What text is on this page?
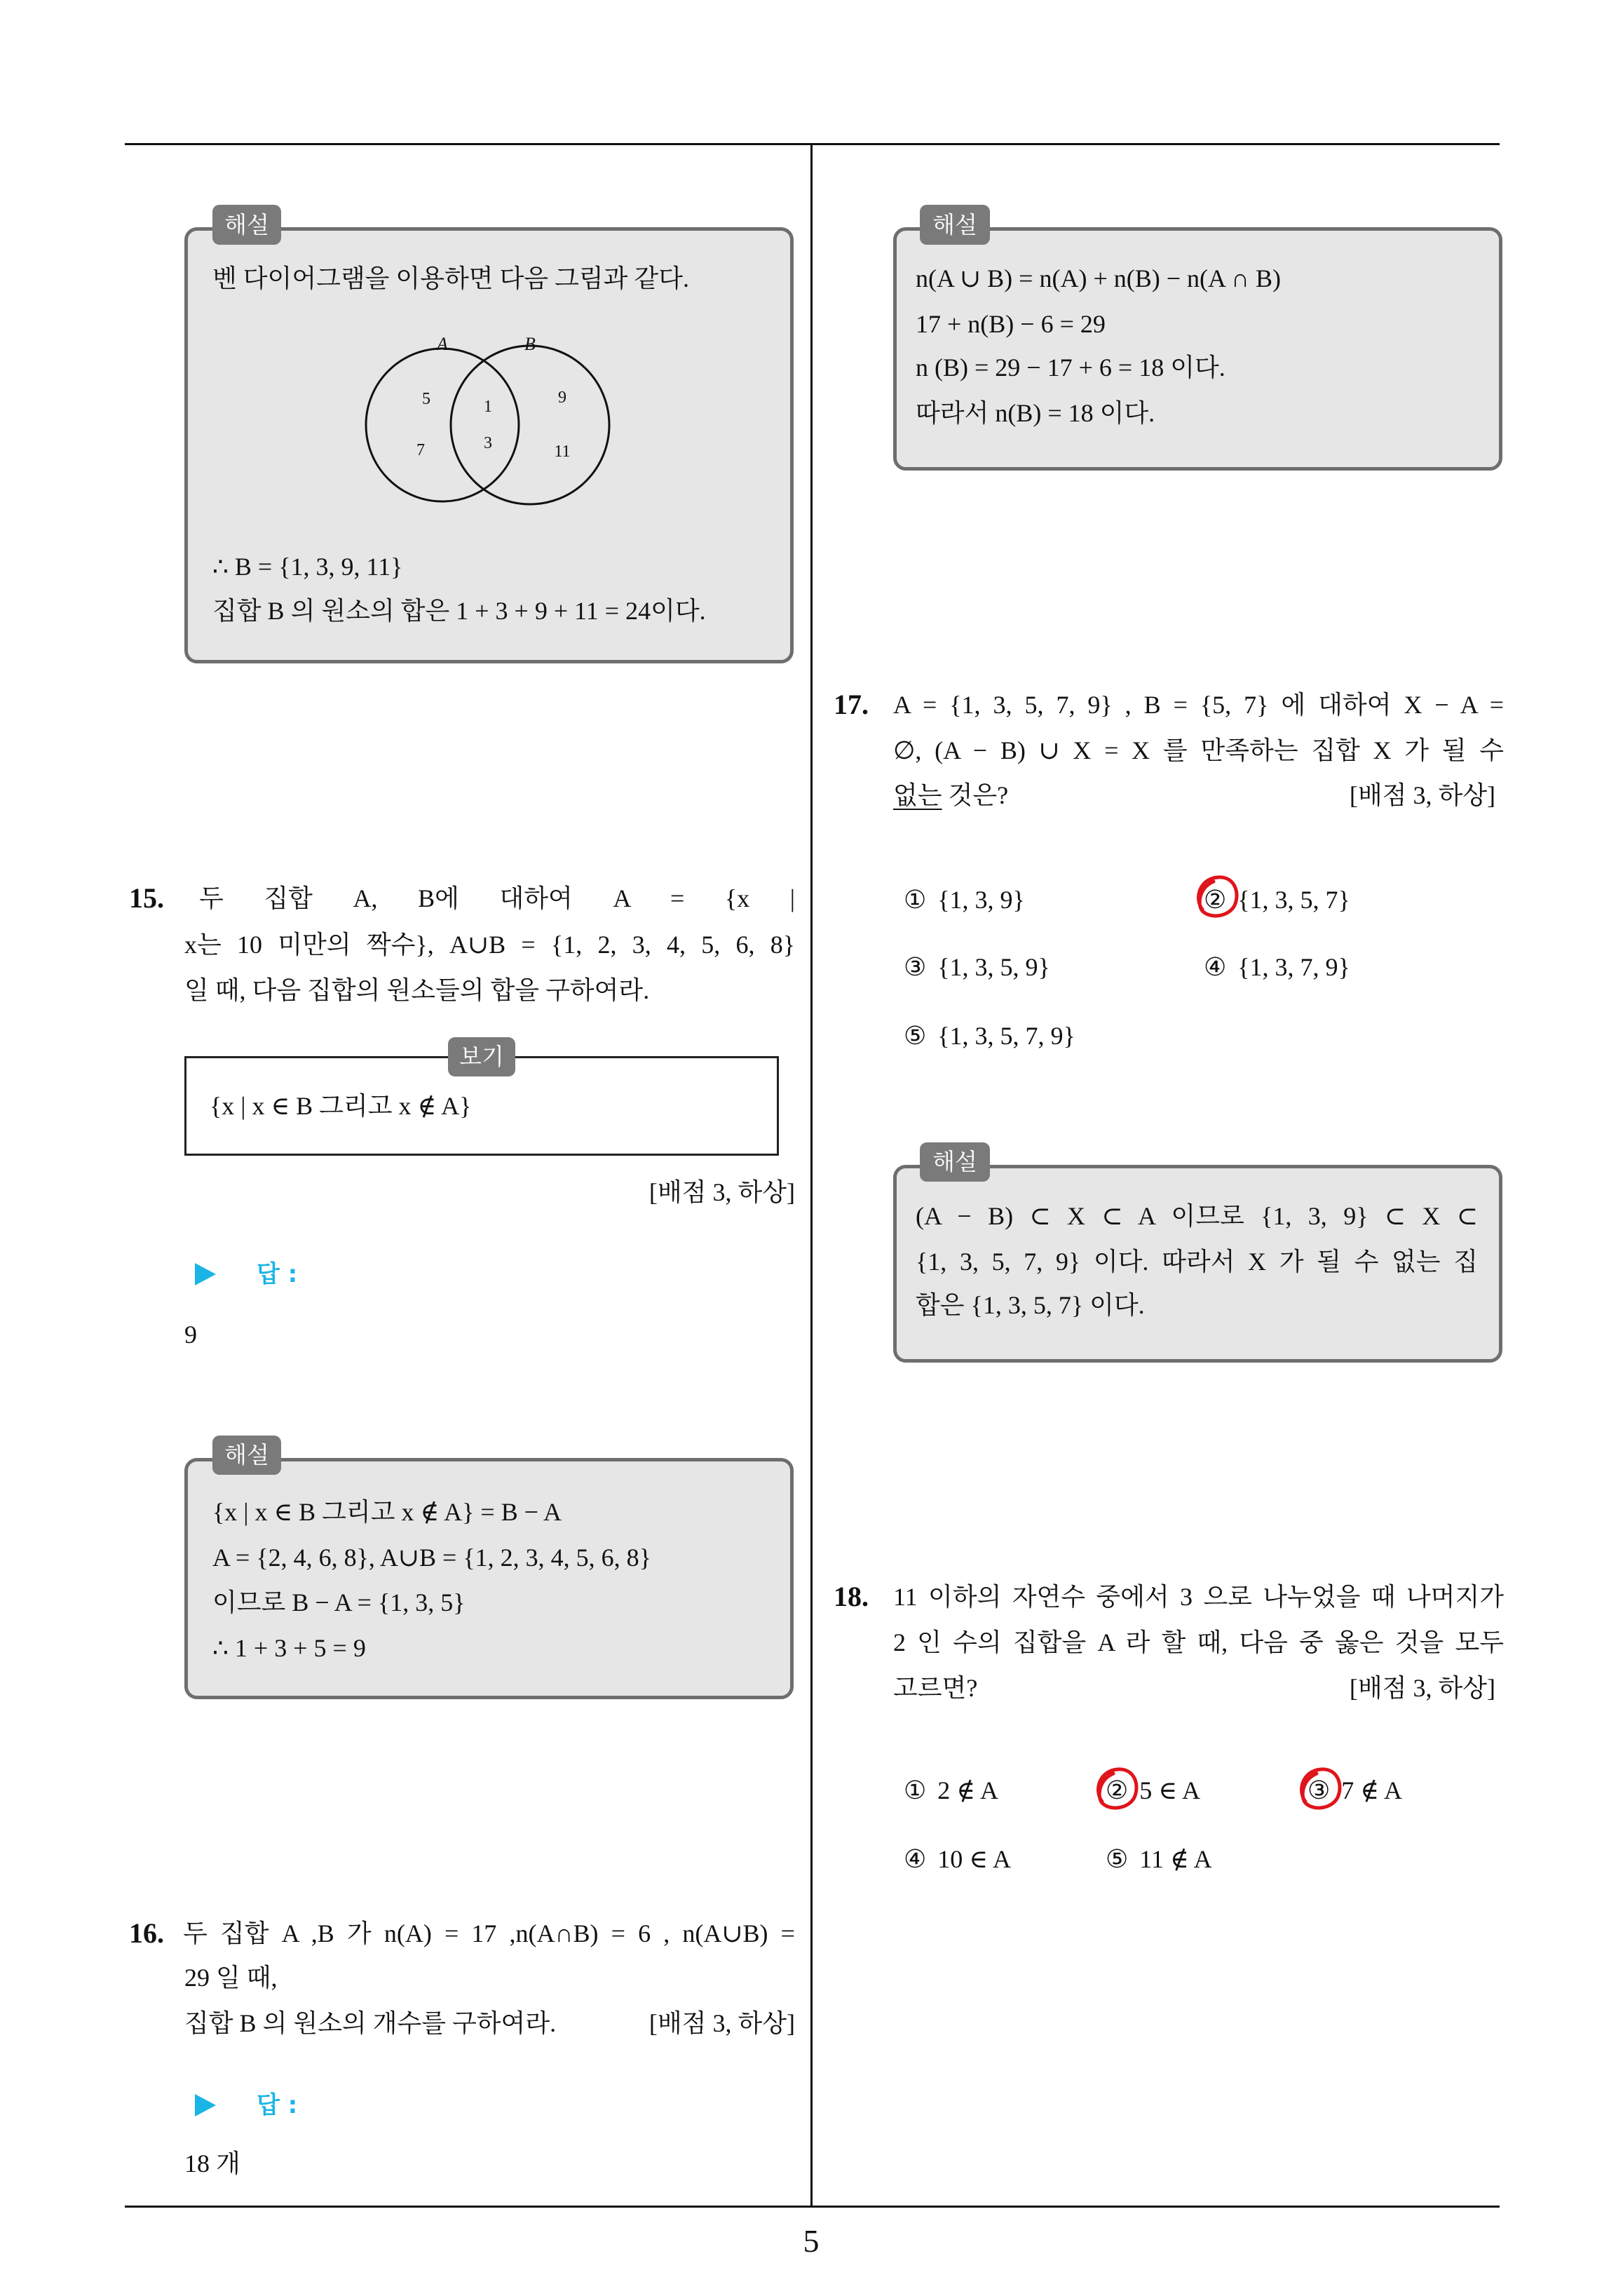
5
해설
벤 다이어그램을 이용하면 다음 그림과 같다.
A	B
5
7
1
3
9
11
∴ B = {1, 3, 9, 11}
집합 B 의 원소의 합은 1 + 3 + 9 + 11 = 24이다.
15. 두 집합 A, B에 대하여 A = {x |
x는 10 미만의 짝수}, A∪B = {1, 2, 3, 4, 5, 6, 8}
일 때, 다음 집합의 원소들의 합을 구하여라.
보기
{x | x ∈ B 그리고 x ∉ A}
[배점 3, 하상]
답 :
9
해설
{x | x ∈ B 그리고 x ∉ A} = B − A
A = {2, 4, 6, 8}, A∪B = {1, 2, 3, 4, 5, 6, 8}
이므로 B − A = {1, 3, 5}
∴ 1 + 3 + 5 = 9
16. 두 집합 A ,B 가 n(A) = 17 ,n(A∩B) = 6 , n(A∪B) =
29 일 때,
집합 B 의 원소의 개수를 구하여라.	[배점 3, 하상]
답 :
18 개
해설
n(A ∪ B) = n(A) + n(B) − n(A ∩ B)
17 + n(B) − 6 = 29
n (B) = 29 − 17 + 6 = 18 이다.
따라서 n(B) = 18 이다.
17. A = {1, 3, 5, 7, 9} , B = {5, 7} 에 대하여 X − A =
∅, (A − B) ∪ X = X 를 만족하는 집합 X 가 될 수
없는 것은?	[배점 3, 하상]
① {1, 3, 9}	② {1, 3, 5, 7}
③ {1, 3, 5, 9}	④ {1, 3, 7, 9}
⑤ {1, 3, 5, 7, 9}
해설
(A − B) ⊂ X ⊂ A 이므로 {1, 3, 9} ⊂ X ⊂
{1, 3, 5, 7, 9} 이다. 따라서 X 가 될 수 없는 집
합은 {1, 3, 5, 7} 이다.
18. 11 이하의 자연수 중에서 3 으로 나누었을 때 나머지가
2 인 수의 집합을 A 라 할 때, 다음 중 옳은 것을 모두
고르면?	[배점 3, 하상]
① 2 ∉ A	② 5 ∈ A	③ 7 ∉ A
④ 10 ∈ A	⑤ 11 ∉ A
